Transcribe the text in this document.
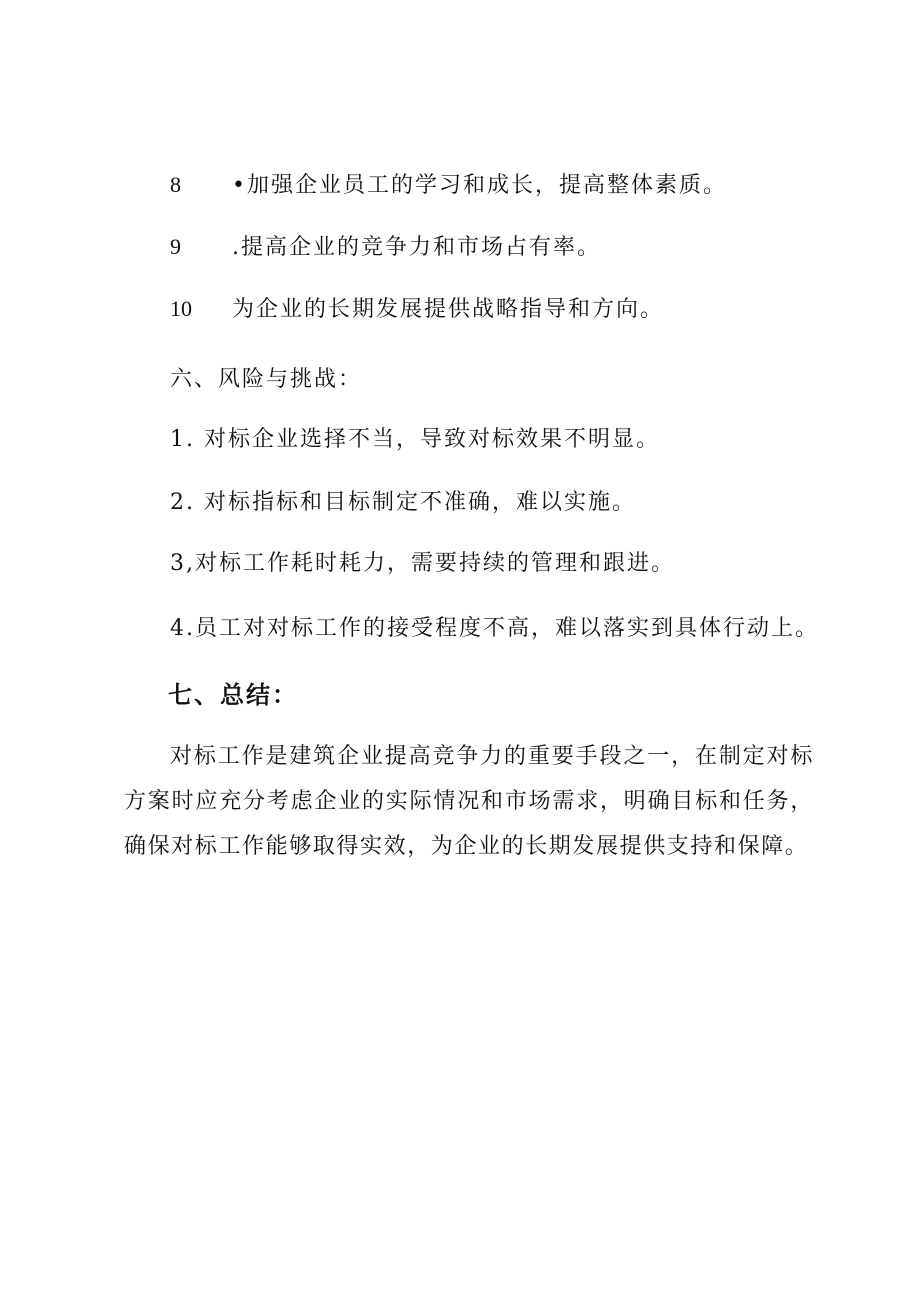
8 •加强企业员工的学习和成长，提高整体素质。
9 .提高企业的竞争力和市场占有率。
10 为企业的长期发展提供战略指导和方向。
六、风险与挑战：
1. 对标企业选择不当，导致对标效果不明显。
2. 对标指标和目标制定不准确，难以实施。
3,对标工作耗时耗力，需要持续的管理和跟进。
4.员工对对标工作的接受程度不高，难以落实到具体行动上。
七、总结：
对标工作是建筑企业提高竞争力的重要手段之一，在制定对标方案时应充分考虑企业的实际情况和市场需求，明确目标和任务，确保对标工作能够取得实效，为企业的长期发展提供支持和保障。
